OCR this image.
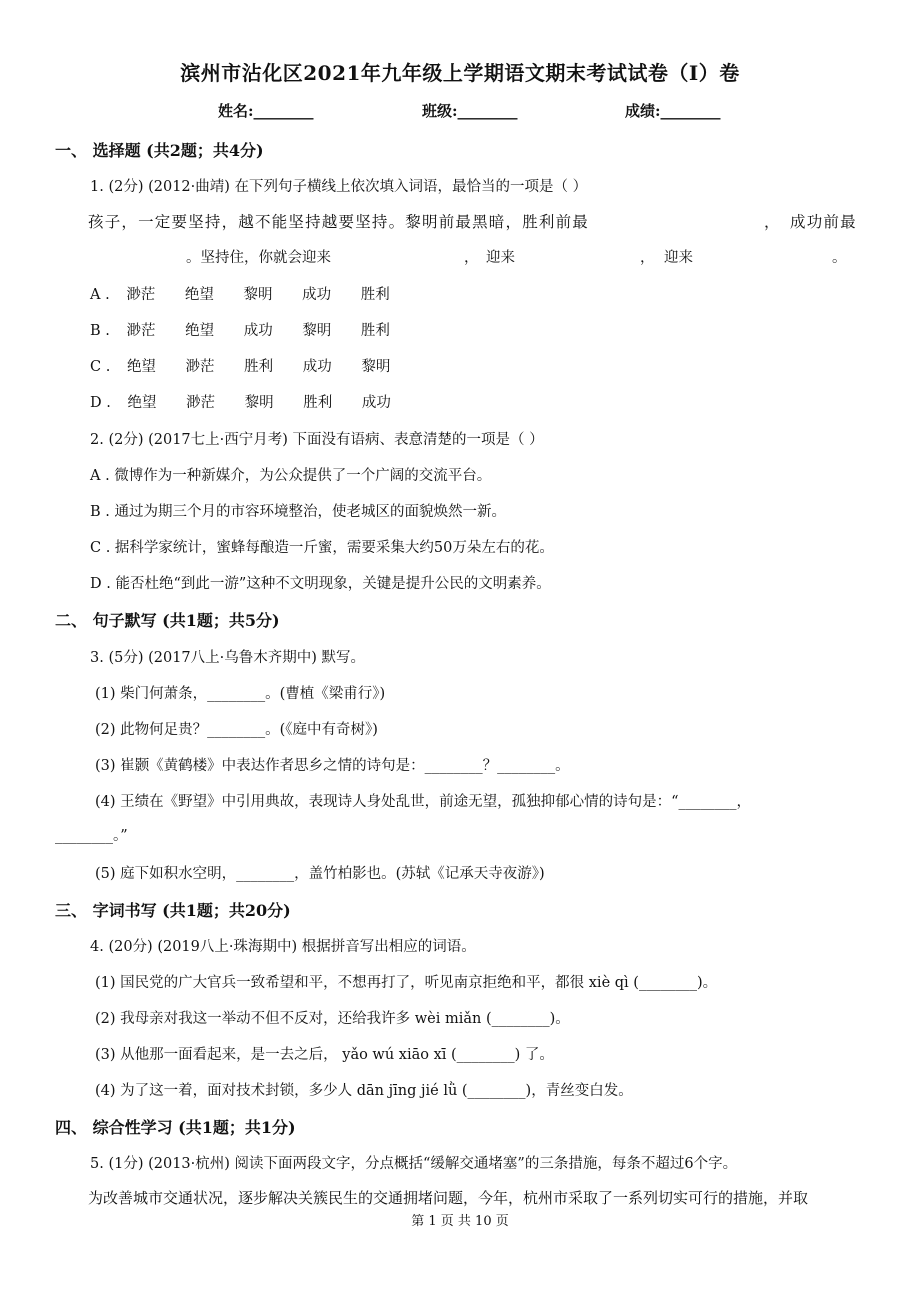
滨州市沾化区2021年九年级上学期语文期末考试试卷（I）卷
姓名:________	班级:________	成绩:________
一、 选择题 (共2题；共4分)
1. (2分) (2012·曲靖) 在下列句子横线上依次填入词语，最恰当的一项是（ ）
孩子，一定要坚持，越不能坚持越要坚持。黎明前最黑暗，胜利前最	， 成功前最
。坚持住，你就会迎来	， 迎来	， 迎来	。
A . 渺茫 绝望 黎明 成功 胜利
B . 渺茫 绝望 成功 黎明 胜利
C . 绝望 渺茫 胜利 成功 黎明
D . 绝望 渺茫 黎明 胜利 成功
2. (2分) (2017七上·西宁月考) 下面没有语病、表意清楚的一项是（ ）
A . 微博作为一种新媒介，为公众提供了一个广阔的交流平台。
B . 通过为期三个月的市容环境整治，使老城区的面貌焕然一新。
C . 据科学家统计，蜜蜂每酿造一斤蜜，需要采集大约50万朵左右的花。
D . 能否杜绝“到此一游”这种不文明现象，关键是提升公民的文明素养。
二、 句子默写 (共1题；共5分)
3. (5分) (2017八上·乌鲁木齐期中) 默写。
(1) 柴门何萧条，________。(曹植《梁甫行》)
(2) 此物何足贵？________。(《庭中有奇树》)
(3) 崔颢《黄鹤楼》中表达作者思乡之情的诗句是：________？________。
(4) 王绩在《野望》中引用典故，表现诗人身处乱世，前途无望，孤独抑郁心情的诗句是：“________，
________。”
(5) 庭下如积水空明，________，盖竹柏影也。(苏轼《记承天寺夜游》)
三、 字词书写 (共1题；共20分)
4. (20分) (2019八上·珠海期中) 根据拼音写出相应的词语。
(1) 国民党的广大官兵一致希望和平，不想再打了，听见南京拒绝和平，都很 xiè qì (________)。
(2) 我母亲对我这一举动不但不反对，还给我许多 wèi miǎn (________)。
(3) 从他那一面看起来，是一去之后， yǎo wú xiāo xī (________) 了。
(4) 为了这一着，面对技术封锁，多少人 dān jīng jié lǜ (________)，青丝变白发。
四、 综合性学习 (共1题；共1分)
5. (1分) (2013·杭州) 阅读下面两段文字，分点概括“缓解交通堵塞”的三条措施，每条不超过6个字。
为改善城市交通状况，逐步解决关簇民生的交通拥堵问题，今年，杭州市采取了一系列切实可行的措施，并取
第 1 页 共 10 页
